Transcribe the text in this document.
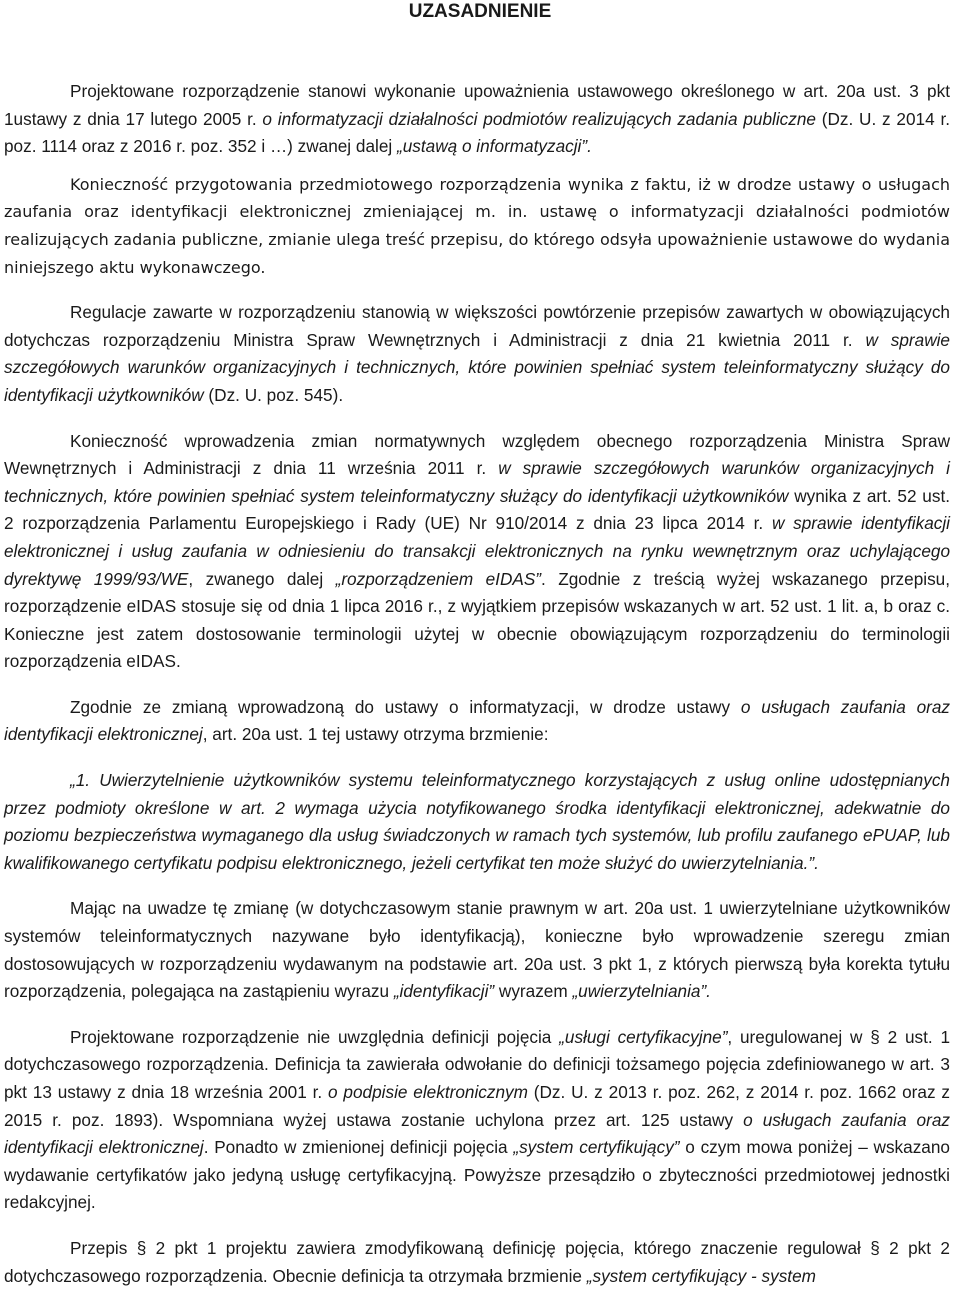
UZASADNIENIE

Projektowane rozporządzenie stanowi wykonanie upoważnienia ustawowego określonego w art. 20a ust. 3 pkt 1ustawy z dnia 17 lutego 2005 r. o informatyzacji działalności podmiotów realizujących zadania publiczne (Dz. U. z 2014 r. poz. 1114 oraz z 2016 r. poz. 352 i …) zwanej dalej „ustawą o informatyzacji”.

Konieczność przygotowania przedmiotowego rozporządzenia wynika z faktu, iż w drodze ustawy o usługach zaufania oraz identyfikacji elektronicznej zmieniającej m. in. ustawę o informatyzacji działalności podmiotów realizujących zadania publiczne, zmianie ulega treść przepisu, do którego odsyła upoważnienie ustawowe do wydania niniejszego aktu wykonawczego.

Regulacje zawarte w rozporządzeniu stanowią w większości powtórzenie przepisów zawartych w obowiązujących dotychczas rozporządzeniu Ministra Spraw Wewnętrznych i Administracji z dnia 21 kwietnia 2011 r. w sprawie szczegółowych warunków organizacyjnych i technicznych, które powinien spełniać system teleinformatyczny służący do identyfikacji użytkowników (Dz. U. poz. 545).

Konieczność wprowadzenia zmian normatywnych względem obecnego rozporządzenia Ministra Spraw Wewnętrznych i Administracji z dnia 11 września 2011 r. w sprawie szczegółowych warunków organizacyjnych i technicznych, które powinien spełniać system teleinformatyczny służący do identyfikacji użytkowników wynika z art. 52 ust. 2 rozporządzenia Parlamentu Europejskiego i Rady (UE) Nr 910/2014 z dnia 23 lipca 2014 r. w sprawie identyfikacji elektronicznej i usług zaufania w odniesieniu do transakcji elektronicznych na rynku wewnętrznym oraz uchylającego dyrektywę 1999/93/WE, zwanego dalej „rozporządzeniem eIDAS”. Zgodnie z treścią wyżej wskazanego przepisu, rozporządzenie eIDAS stosuje się od dnia 1 lipca 2016 r., z wyjątkiem przepisów wskazanych w art. 52 ust. 1 lit. a, b oraz c. Konieczne jest zatem dostosowanie terminologii użytej w obecnie obowiązującym rozporządzeniu do terminologii rozporządzenia eIDAS.

Zgodnie ze zmianą wprowadzoną do ustawy o informatyzacji, w drodze ustawy o usługach zaufania oraz identyfikacji elektronicznej, art. 20a ust. 1 tej ustawy otrzyma brzmienie:

„1. Uwierzytelnienie użytkowników systemu teleinformatycznego korzystających z usług online udostępnianych przez podmioty określone w art. 2 wymaga użycia notyfikowanego środka identyfikacji elektronicznej, adekwatnie do poziomu bezpieczeństwa wymaganego dla usług świadczonych w ramach tych systemów, lub profilu zaufanego ePUAP, lub kwalifikowanego certyfikatu podpisu elektronicznego, jeżeli certyfikat ten może służyć do uwierzytelniania.”.

Mając na uwadze tę zmianę (w dotychczasowym stanie prawnym w art. 20a ust. 1 uwierzytelniane użytkowników systemów teleinformatycznych nazywane było identyfikacją), konieczne było wprowadzenie szeregu zmian dostosowujących w rozporządzeniu wydawanym na podstawie art. 20a ust. 3 pkt 1, z których pierwszą była korekta tytułu rozporządzenia, polegająca na zastąpieniu wyrazu „identyfikacji” wyrazem „uwierzytelniania”.

Projektowane rozporządzenie nie uwzględnia definicji pojęcia „usługi certyfikacyjne”, uregulowanej w § 2 ust. 1 dotychczasowego rozporządzenia. Definicja ta zawierała odwołanie do definicji tożsamego pojęcia zdefiniowanego w art. 3 pkt 13 ustawy z dnia 18 września 2001 r. o podpisie elektronicznym (Dz. U. z 2013 r. poz. 262, z 2014 r. poz. 1662 oraz z 2015 r. poz. 1893). Wspomniana wyżej ustawa zostanie uchylona przez art. 125 ustawy o usługach zaufania oraz identyfikacji elektronicznej. Ponadto w zmienionej definicji pojęcia „system certyfikujący” o czym mowa poniżej – wskazano wydawanie certyfikatów jako jedyną usługę certyfikacyjną. Powyższe przesądziło o zbyteczności przedmiotowej jednostki redakcyjnej.

Przepis § 2 pkt 1 projektu zawiera zmodyfikowaną definicję pojęcia, którego znaczenie regulował § 2 pkt 2 dotychczasowego rozporządzenia. Obecnie definicja ta otrzymała brzmienie „system certyfikujący - system
